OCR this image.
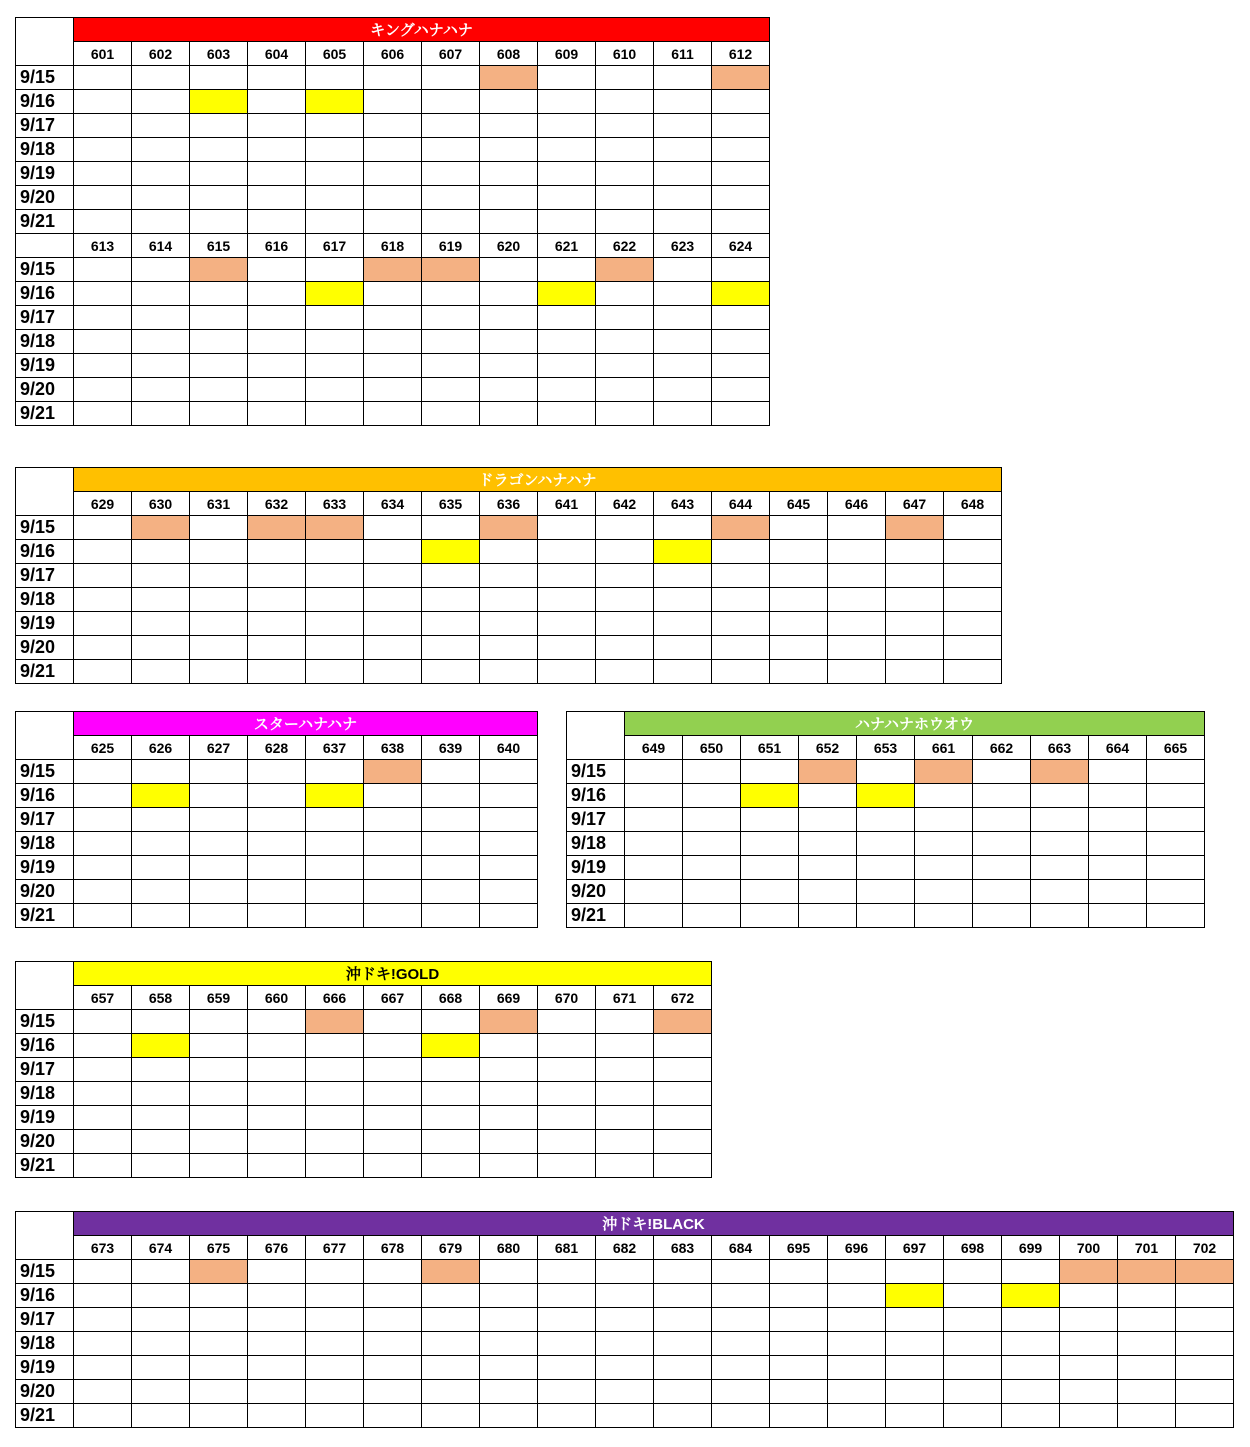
	キングハナハナ											
	601	602	603	604	605	606	607	608	609	610	611	612
9/15												
9/16												
9/17												
9/18												
9/19												
9/20												
9/21												
	613	614	615	616	617	618	619	620	621	622	623	624
9/15												
9/16												
9/17												
9/18												
9/19												
9/20												
9/21												
	ドラゴンハナハナ															
	629	630	631	632	633	634	635	636	641	642	643	644	645	646	647	648
9/15																
9/16																
9/17																
9/18																
9/19																
9/20																
9/21																
	スターハナハナ							
	625	626	627	628	637	638	639	640
9/15								
9/16								
9/17								
9/18								
9/19								
9/20								
9/21								
	ハナハナホウオウ									
	649	650	651	652	653	661	662	663	664	665
9/15										
9/16										
9/17										
9/18										
9/19										
9/20										
9/21										
	沖ドキ!GOLD										
	657	658	659	660	666	667	668	669	670	671	672
9/15											
9/16											
9/17											
9/18											
9/19											
9/20											
9/21											
	沖ドキ!BLACK																			
	673	674	675	676	677	678	679	680	681	682	683	684	695	696	697	698	699	700	701	702
9/15																				
9/16																				
9/17																				
9/18																				
9/19																				
9/20																				
9/21																				
